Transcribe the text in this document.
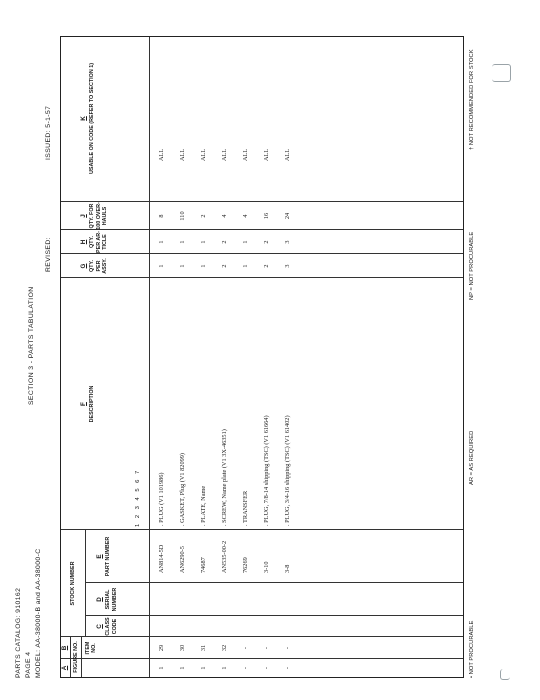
PARTS CATALOG: 910162 PAGE 4 MODEL: AA-38000-B and AA-38000-C
SECTION 3 - PARTS TABULATION
REVISED:
ISSUED: 5-1-57
A
B	ITEM NO.
FIGURE NO.
STOCK NUMBER
C CLASS CODE
D SERIAL NUMBER
E PART NUMBER
F DESCRIPTION
1 2 3 4 5 6 7
G QTY. PER ASSY.
H QTY. PER AR- TICLE
J QTY. FOR 100 OVER- HAULS
K USABLE ON CODE (REFER TO SECTION 1)
1
29
AN814-5D
. PLUG (V1 101986)
1
1
8
ALL
1
30
AN6290-5
. GASKET, Plug (V1 82099)
1
1
110
ALL
1
31
74687
. PLATE, Name
1
1
2
ALL
1
32
AN535-00-2
. SCREW, Name plate (V1 3X-46351)
2
2
4
ALL
-
-
76269
. TRANSFER
1
1
4
ALL
-
-
3-10
. PLUG, 7/8-14 shipping (TSC) (V1 61664)
2
2
16
ALL
-
-
3-8
. PLUG, 3/4-16 shipping (TSC) (V1 61402)
3
3
24
ALL
• NOT PROCURABLE
AR = AS REQUIRED
NP = NOT PROCURABLE
† NOT RECOMMENDED FOR STOCK
